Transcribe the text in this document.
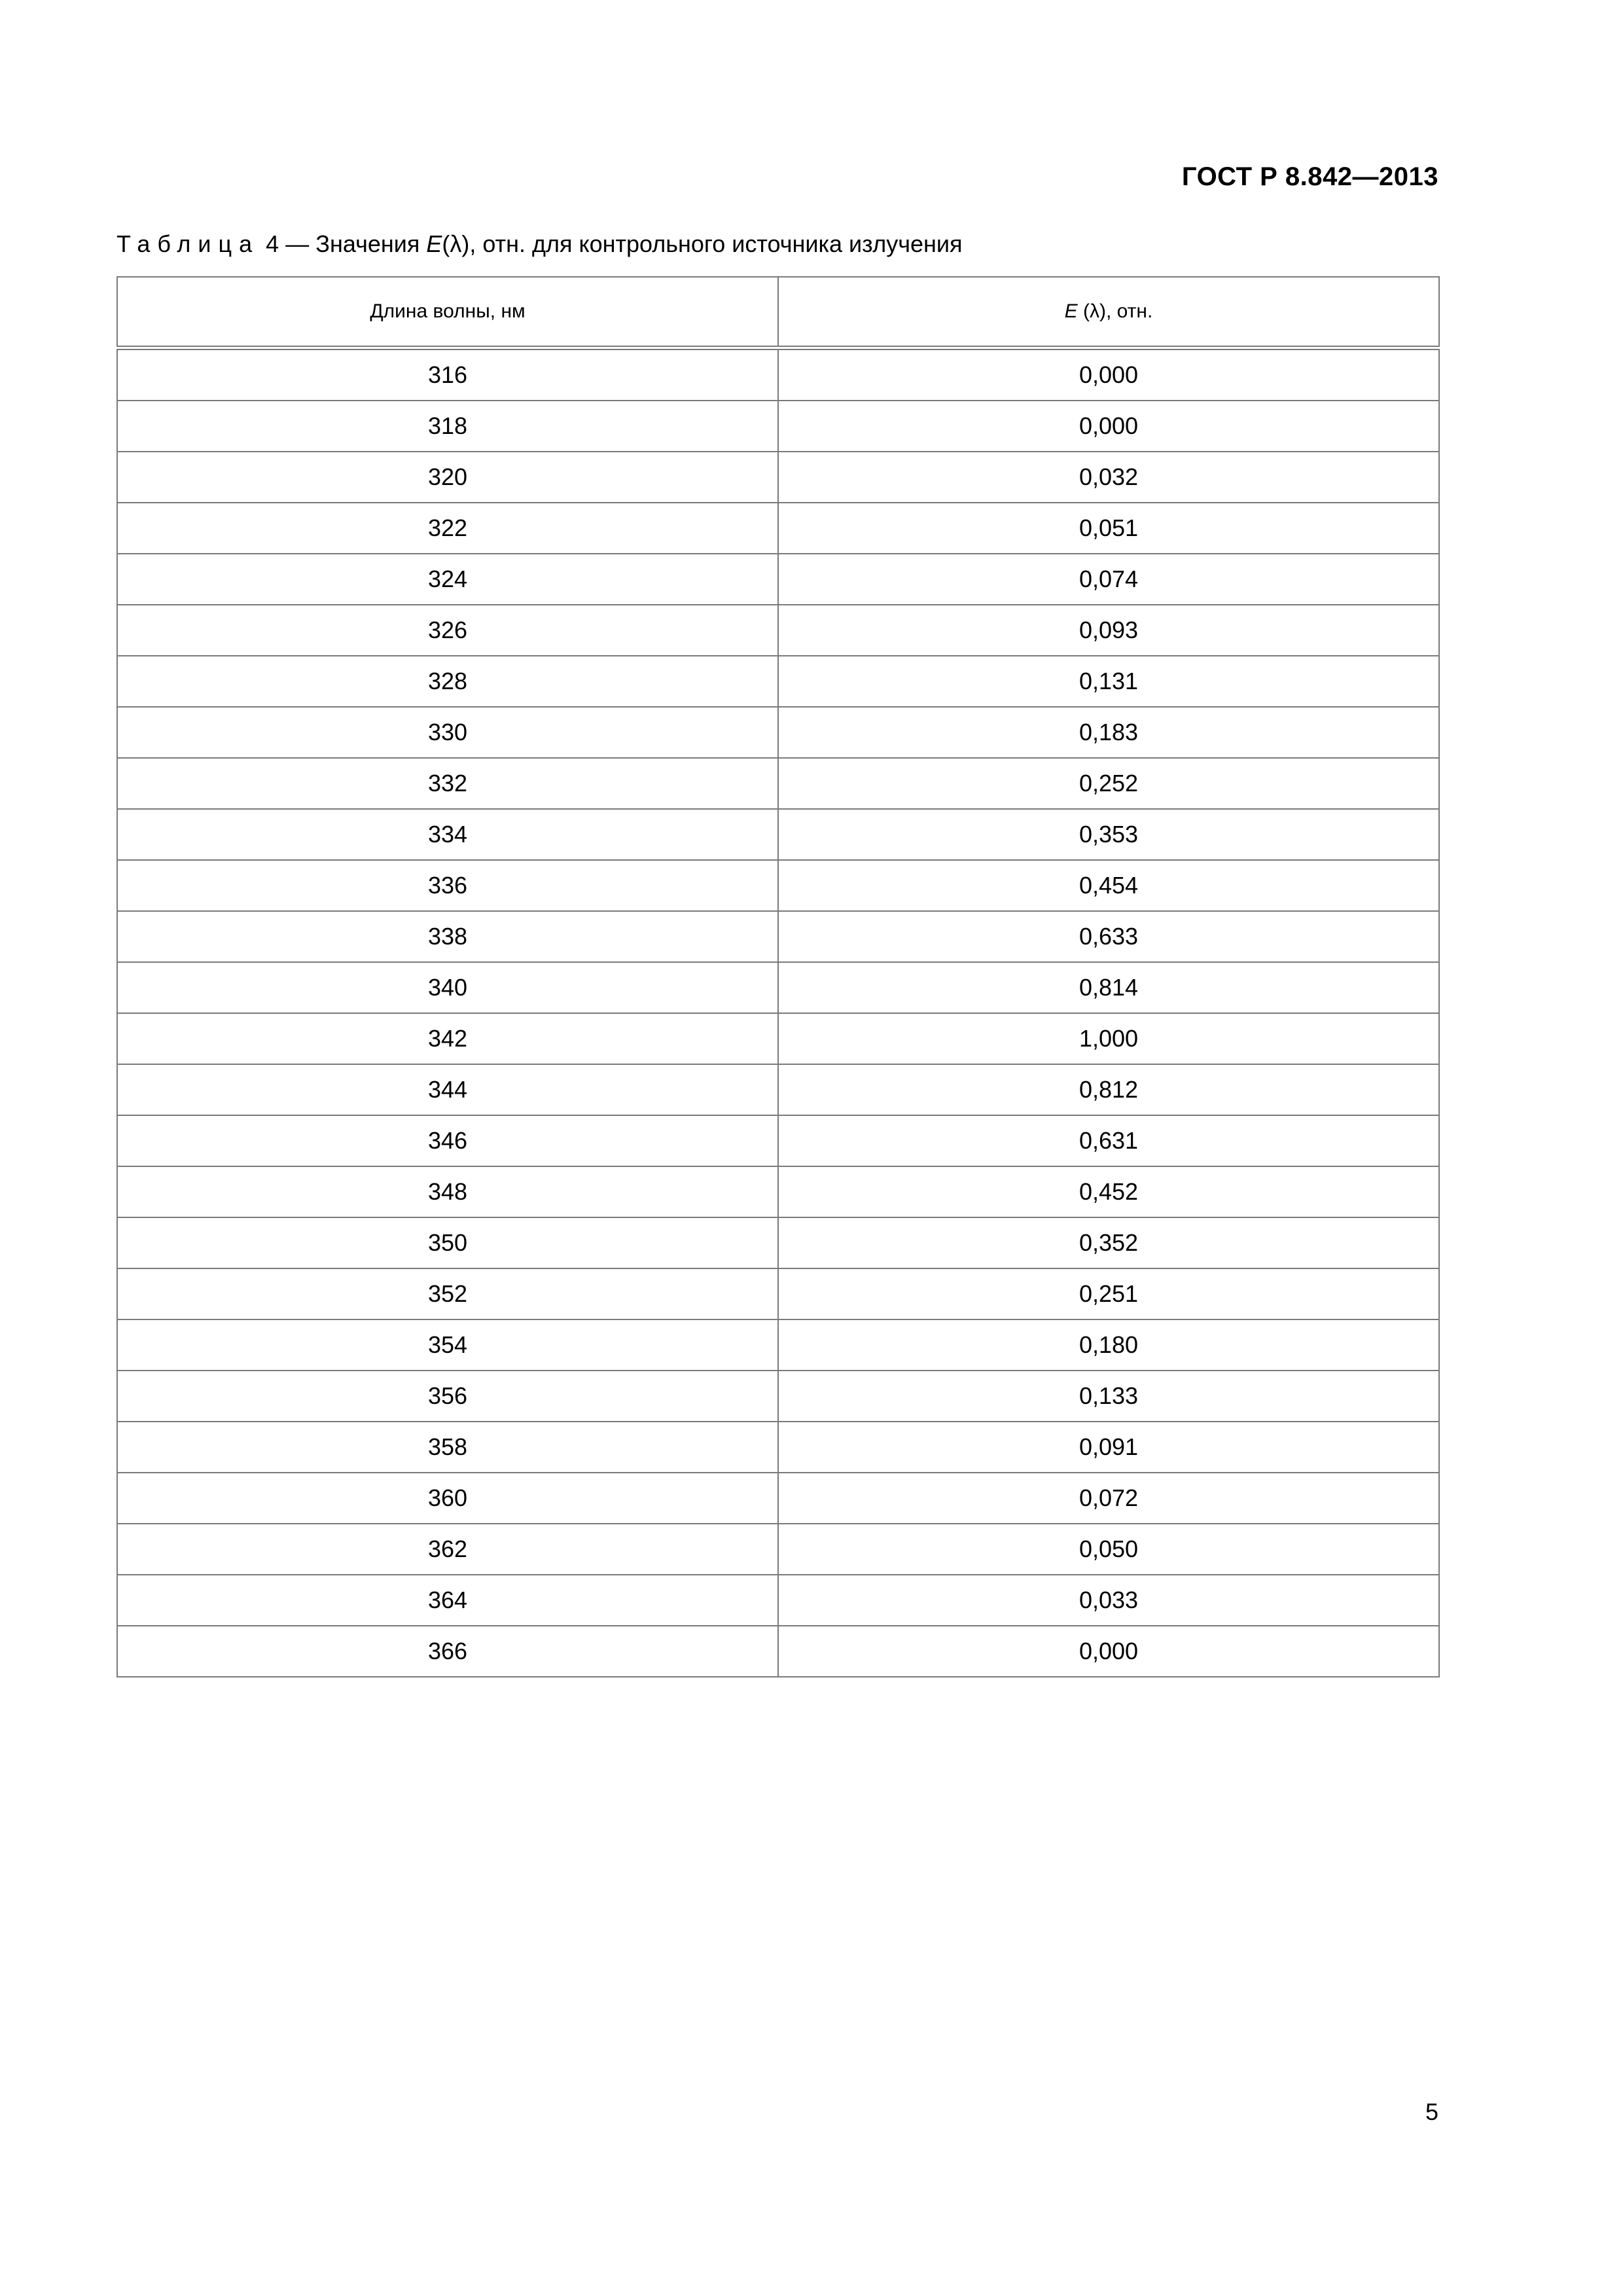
ГОСТ Р 8.842—2013
Таблица 4 — Значения E(λ), отн. для контрольного источника излучения
Длина волны, нм	E (λ), отн.
316	0,000
318	0,000
320	0,032
322	0,051
324	0,074
326	0,093
328	0,131
330	0,183
332	0,252
334	0,353
336	0,454
338	0,633
340	0,814
342	1,000
344	0,812
346	0,631
348	0,452
350	0,352
352	0,251
354	0,180
356	0,133
358	0,091
360	0,072
362	0,050
364	0,033
366	0,000
5
